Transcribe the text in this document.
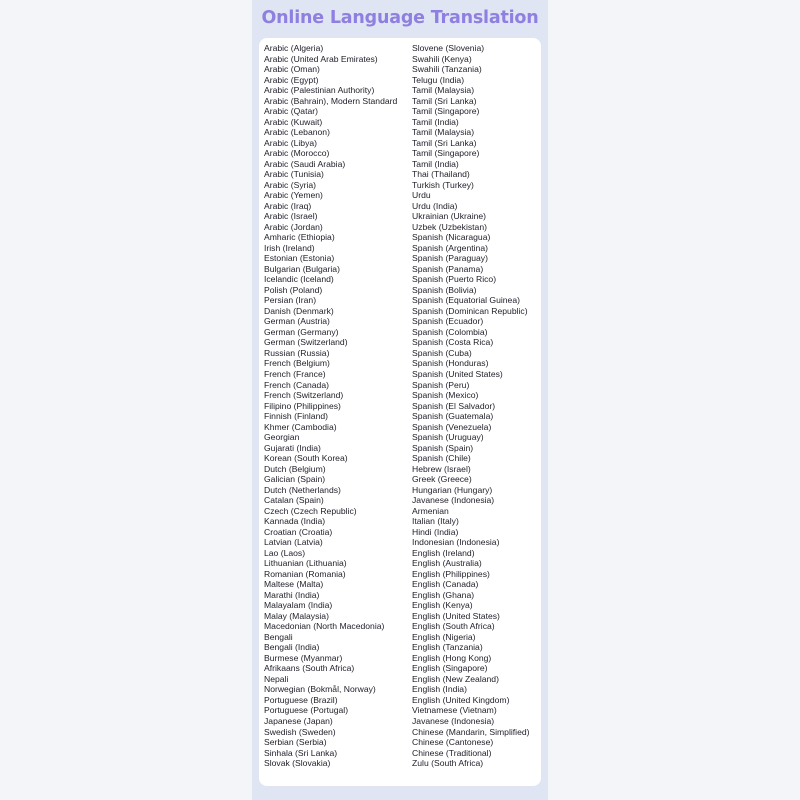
Online Language Translation
Arabic (Algeria)
Arabic (United Arab Emirates)
Arabic (Oman)
Arabic (Egypt)
Arabic (Palestinian Authority)
Arabic (Bahrain), Modern Standard
Arabic (Qatar)
Arabic (Kuwait)
Arabic (Lebanon)
Arabic (Libya)
Arabic (Morocco)
Arabic (Saudi Arabia)
Arabic (Tunisia)
Arabic (Syria)
Arabic (Yemen)
Arabic (Iraq)
Arabic (Israel)
Arabic (Jordan)
Amharic (Ethiopia)
Irish (Ireland)
Estonian (Estonia)
Bulgarian (Bulgaria)
Icelandic (Iceland)
Polish (Poland)
Persian (Iran)
Danish (Denmark)
German (Austria)
German (Germany)
German (Switzerland)
Russian (Russia)
French (Belgium)
French (France)
French (Canada)
French (Switzerland)
Filipino (Philippines)
Finnish (Finland)
Khmer (Cambodia)
Georgian
Gujarati (India)
Korean (South Korea)
Dutch (Belgium)
Galician (Spain)
Dutch (Netherlands)
Catalan (Spain)
Czech (Czech Republic)
Kannada (India)
Croatian (Croatia)
Latvian (Latvia)
Lao (Laos)
Lithuanian (Lithuania)
Romanian (Romania)
Maltese (Malta)
Marathi (India)
Malayalam (India)
Malay (Malaysia)
Macedonian (North Macedonia)
Bengali
Bengali (India)
Burmese (Myanmar)
Afrikaans (South Africa)
Nepali
Norwegian (Bokmål, Norway)
Portuguese (Brazil)
Portuguese (Portugal)
Japanese (Japan)
Swedish (Sweden)
Serbian (Serbia)
Sinhala (Sri Lanka)
Slovak (Slovakia)
Slovene (Slovenia)
Swahili (Kenya)
Swahili (Tanzania)
Telugu (India)
Tamil (Malaysia)
Tamil (Sri Lanka)
Tamil (Singapore)
Tamil (India)
Tamil (Malaysia)
Tamil (Sri Lanka)
Tamil (Singapore)
Tamil (India)
Thai (Thailand)
Turkish (Turkey)
Urdu
Urdu (India)
Ukrainian (Ukraine)
Uzbek (Uzbekistan)
Spanish (Nicaragua)
Spanish (Argentina)
Spanish (Paraguay)
Spanish (Panama)
Spanish (Puerto Rico)
Spanish (Bolivia)
Spanish (Equatorial Guinea)
Spanish (Dominican Republic)
Spanish (Ecuador)
Spanish (Colombia)
Spanish (Costa Rica)
Spanish (Cuba)
Spanish (Honduras)
Spanish (United States)
Spanish (Peru)
Spanish (Mexico)
Spanish (El Salvador)
Spanish (Guatemala)
Spanish (Venezuela)
Spanish (Uruguay)
Spanish (Spain)
Spanish (Chile)
Hebrew (Israel)
Greek (Greece)
Hungarian (Hungary)
Javanese (Indonesia)
Armenian
Italian (Italy)
Hindi (India)
Indonesian (Indonesia)
English (Ireland)
English (Australia)
English (Philippines)
English (Canada)
English (Ghana)
English (Kenya)
English (United States)
English (South Africa)
English (Nigeria)
English (Tanzania)
English (Hong Kong)
English (Singapore)
English (New Zealand)
English (India)
English (United Kingdom)
Vietnamese (Vietnam)
Javanese (Indonesia)
Chinese (Mandarin, Simplified)
Chinese (Cantonese)
Chinese (Traditional)
Zulu (South Africa)
